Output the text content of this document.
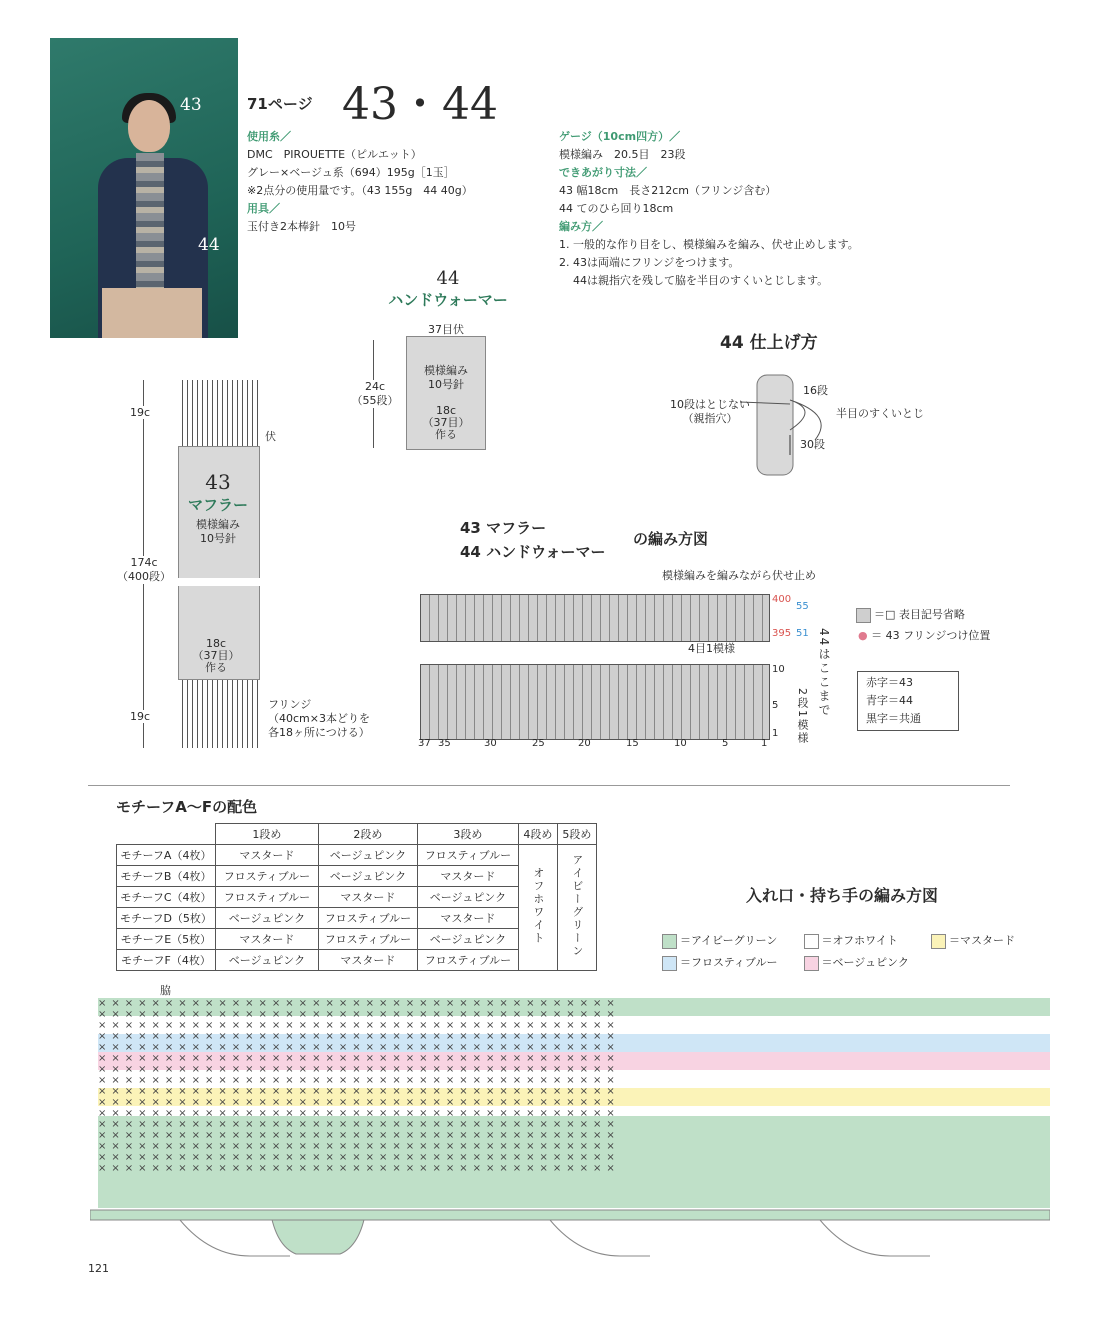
43
44
71ページ 43・44
使用糸／
DMC　PIROUETTE（ピルエット）
グレー×ベージュ系（694）195g［1玉］
※2点分の使用量です。（43 155g　44 40g）
用具／
玉付き2本棒針　10号
ゲージ（10cm四方）／
模様編み　20.5目　23段
できあがり寸法／
43 幅18cm　長さ212cm（フリンジ含む）
44 てのひら回り18cm
編み方／
1. 一般的な作り目をし、模様編みを編み、伏せ止めします。
2. 43は両端にフリンジをつけます。
44は親指穴を残して脇を半目のすくいとじします。
44
ハンドウォーマー
37目伏
模様編み
10号針
18c
（37目）
作る
24c
（55段）
44 仕上げ方
16段
10段はとじない
（親指穴）	半目のすくいとじ
30段
19c
伏
43
マフラー
模様編み
10号針
174c
（400段）
18c
（37目）
作る
19c
フリンジ
（40cm×3本どりを
各18ヶ所につける）
43 マフラー
44 ハンドウォーマー
の編み方図
模様編みを編みながら伏せ止め
400
395
55
51
10
5
1
4目1模様
2段1模様 44はここまで
37 35	30	25	20	15	10	5	1
＝□ 表目記号省略
● ＝ 43 フリンジつけ位置
赤字＝43
青字＝44
黒字＝共通
モチーフA〜Fの配色
	1段め	2段め	3段め	4段め	5段め
モチーフA（4枚）	マスタード	ベージュピンク	フロスティブルー	オフホワイト	アイビーグリーン
モチーフB（4枚）	フロスティブルー	ベージュピンク	マスタード		
モチーフC（4枚）	フロスティブルー	マスタード	ベージュピンク		
モチーフD（5枚）	ベージュピンク	フロスティブルー	マスタード		
モチーフE（5枚）	マスタード	フロスティブルー	ベージュピンク		
モチーフF（4枚）	ベージュピンク	マスタード	フロスティブルー		
入れ口・持ち手の編み方図
＝アイビーグリーン	＝オフホワイト	＝マスタード
＝フロスティブルー	＝ベージュピンク
脇
×××××××××××××××××××××××××××××××××××××××
×××××××××××××××××××××××××××××××××××××××
×××××××××××××××××××××××××××××××××××××××
×××××××××××××××××××××××××××××××××××××××
×××××××××××××××××××××××××××××××××××××××
×××××××××××××××××××××××××××××××××××××××
×××××××××××××××××××××××××××××××××××××××
×××××××××××××××××××××××××××××××××××××××
×××××××××××××××××××××××××××××××××××××××
×××××××××××××××××××××××××××××××××××××××
×××××××××××××××××××××××××××××××××××××××
×××××××××××××××××××××××××××××××××××××××
×××××××××××××××××××××××××××××××××××××××
×××××××××××××××××××××××××××××××××××××××
×××××××××××××××××××××××××××××××××××××××
×××××××××××××××××××××××××××××××××××××××
121
